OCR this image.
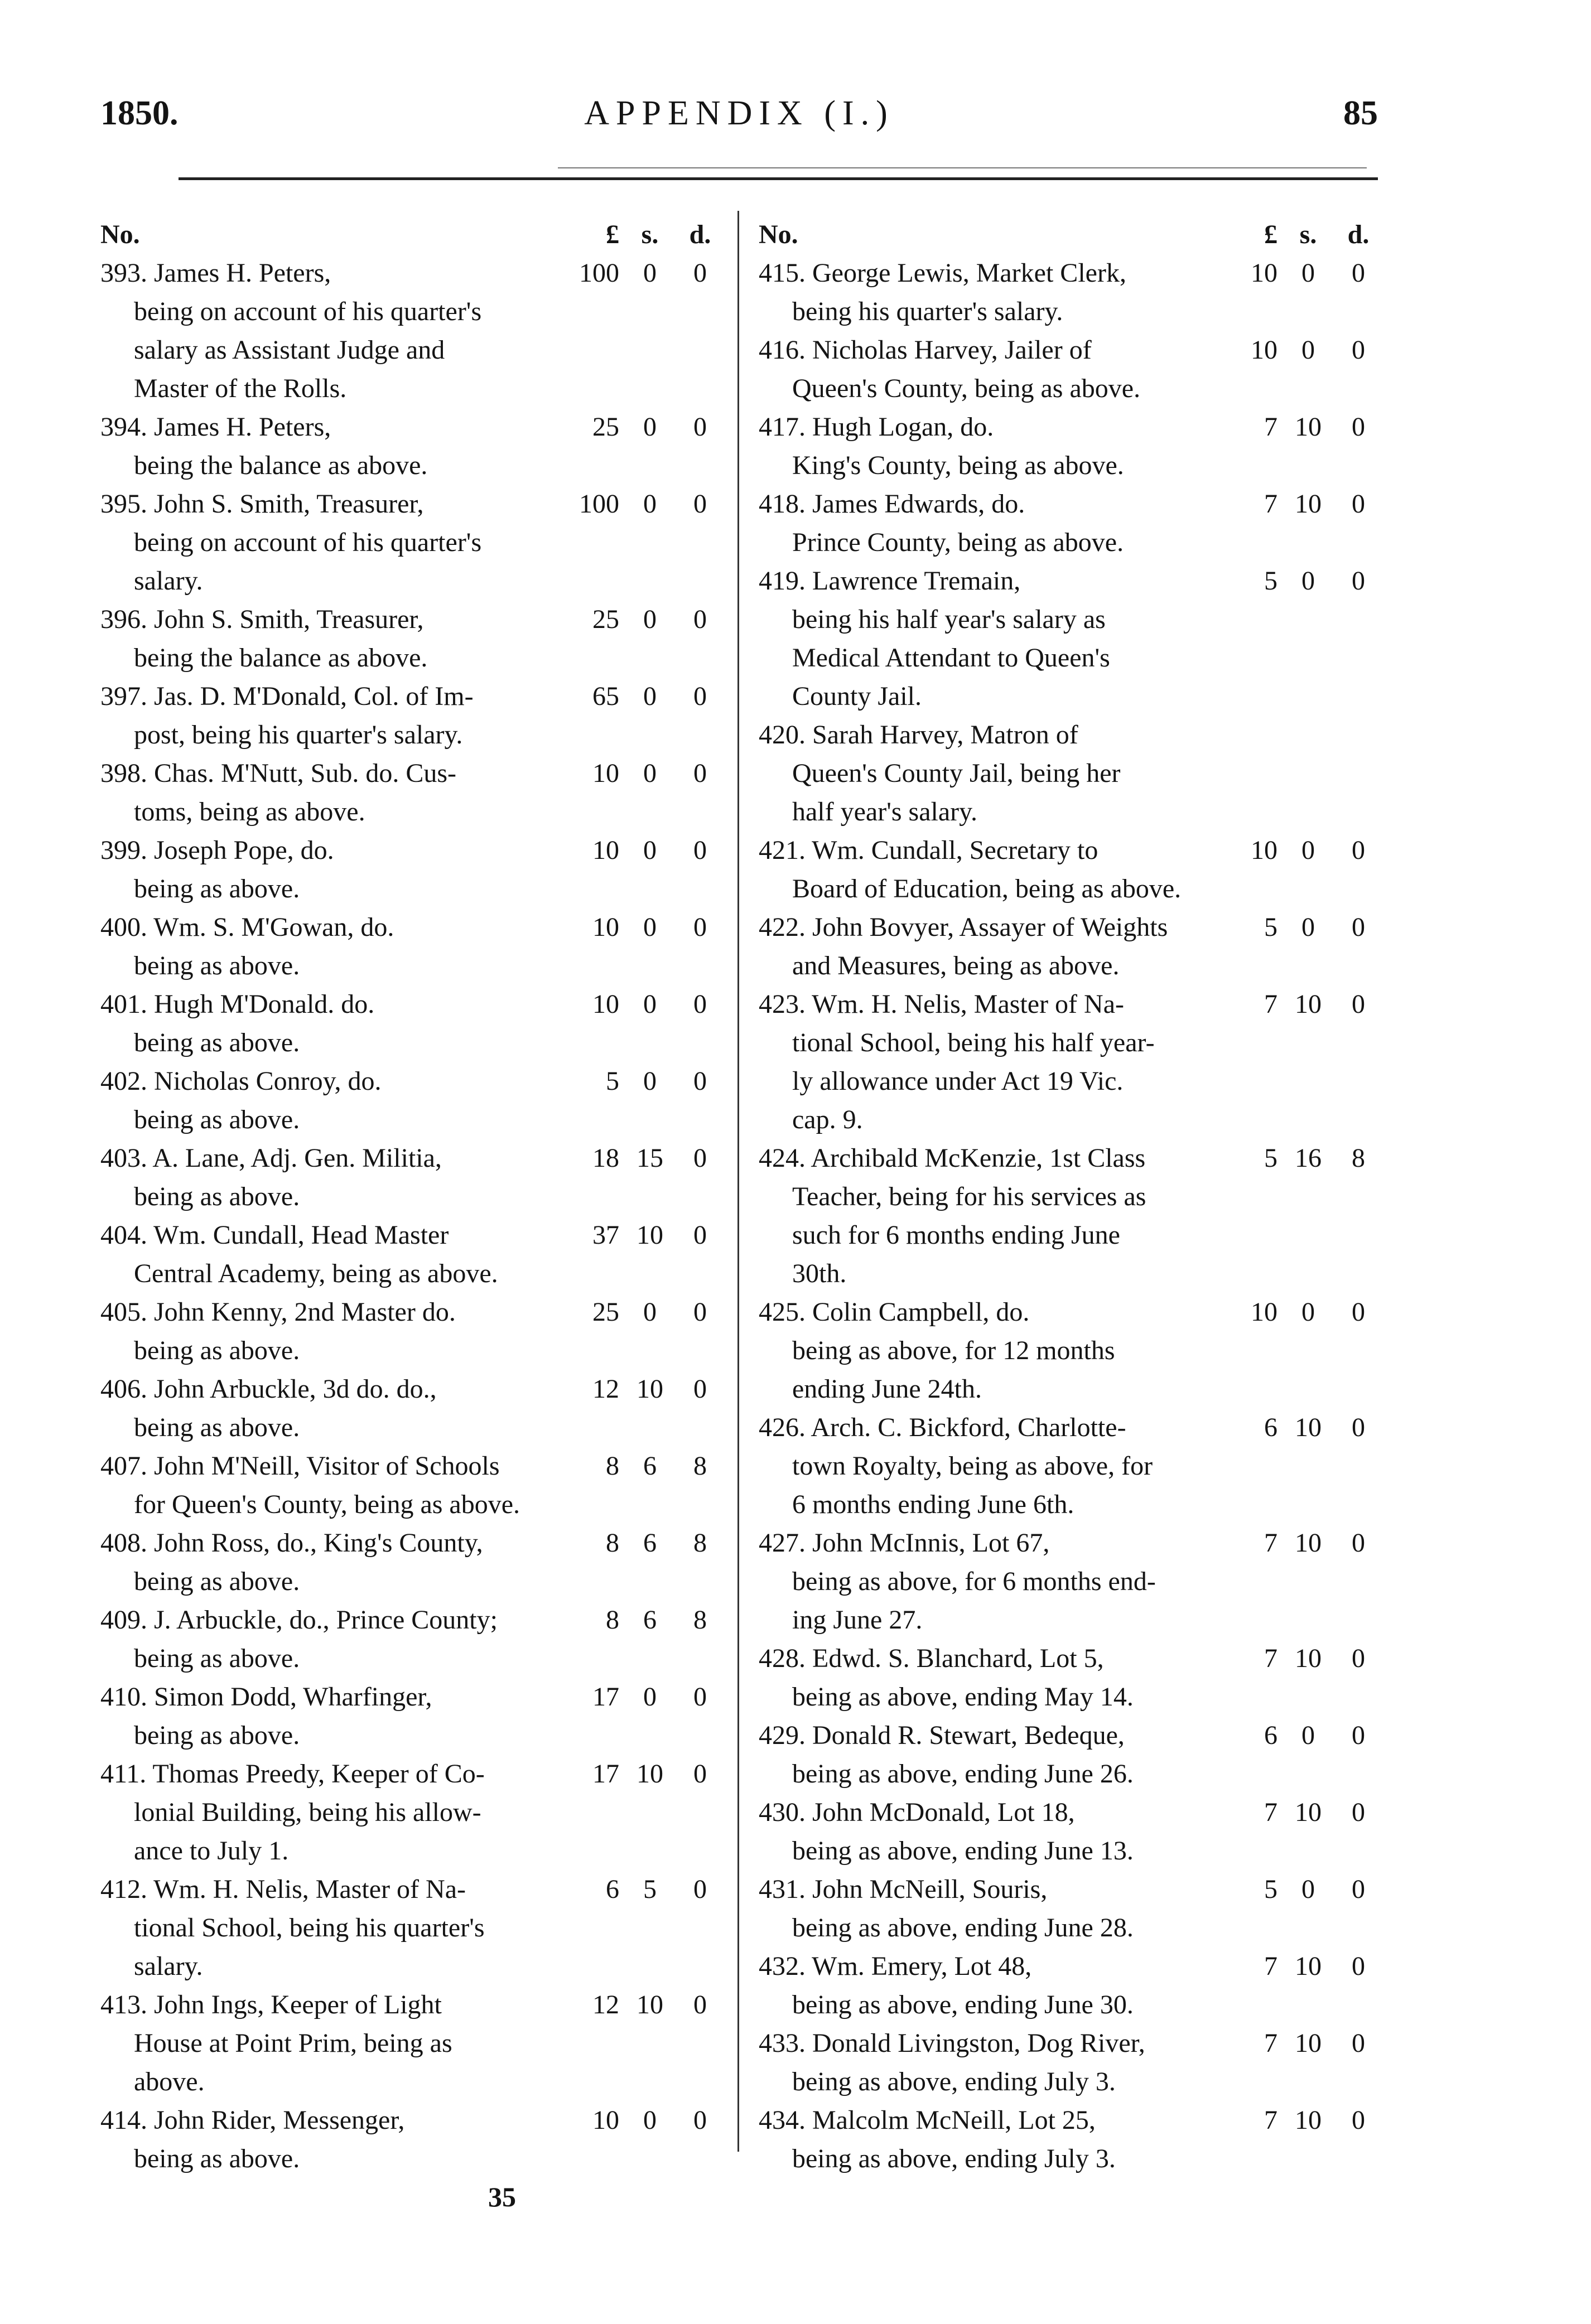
1850.	APPENDIX (I.)	85
No.	£ s.	d.
393. James H. Peters,	100 0	0
being on account of his quarter's
salary as Assistant Judge and
Master of the Rolls.
394. James H. Peters,	25 0	0
being the balance as above.
395. John S. Smith, Treasurer,	100 0	0
being on account of his quarter's
salary.
396. John S. Smith, Treasurer,	25 0	0
being the balance as above.
397. Jas. D. M'Donald, Col. of Im-	65 0	0
post, being his quarter's salary.
398. Chas. M'Nutt, Sub. do. Cus-	10 0	0
toms, being as above.
399. Joseph Pope, do.	10 0	0
being as above.
400. Wm. S. M'Gowan, do.	10 0	0
being as above.
401. Hugh M'Donald. do.	10 0	0
being as above.
402. Nicholas Conroy, do.	5 0	0
being as above.
403. A. Lane, Adj. Gen. Militia,	18 15	0
being as above.
404. Wm. Cundall, Head Master	37 10	0
Central Academy, being as above.
405. John Kenny, 2nd Master do.	25 0	0
being as above.
406. John Arbuckle, 3d do. do.,	12 10	0
being as above.
407. John M'Neill, Visitor of Schools	8 6	8
for Queen's County, being as above.
408. John Ross, do., King's County,	8 6	8
being as above.
409. J. Arbuckle, do., Prince County;	8 6	8
being as above.
410. Simon Dodd, Wharfinger,	17 0	0
being as above.
411. Thomas Preedy, Keeper of Co-	17 10	0
lonial Building, being his allow-
ance to July 1.
412. Wm. H. Nelis, Master of Na-	6 5	0
tional School, being his quarter's
salary.
413. John Ings, Keeper of Light	12 10	0
House at Point Prim, being as
above.
414. John Rider, Messenger,	10 0	0
being as above.
No.	£ s.	d.
415. George Lewis, Market Clerk,	10 0	0
being his quarter's salary.
416. Nicholas Harvey, Jailer of	10 0	0
Queen's County, being as above.
417. Hugh Logan, do.	7 10	0
King's County, being as above.
418. James Edwards, do.	7 10	0
Prince County, being as above.
419. Lawrence Tremain,	5 0	0
being his half year's salary as
Medical Attendant to Queen's
County Jail.
420. Sarah Harvey, Matron of
Queen's County Jail, being her
half year's salary.
421. Wm. Cundall, Secretary to	10 0	0
Board of Education, being as above.
422. John Bovyer, Assayer of Weights	5 0	0
and Measures, being as above.
423. Wm. H. Nelis, Master of Na-	7 10	0
tional School, being his half year-
ly allowance under Act 19 Vic.
cap. 9.
424. Archibald McKenzie, 1st Class	5 16	8
Teacher, being for his services as
such for 6 months ending June
30th.
425. Colin Campbell, do.	10 0	0
being as above, for 12 months
ending June 24th.
426. Arch. C. Bickford, Charlotte-	6 10	0
town Royalty, being as above, for
6 months ending June 6th.
427. John McInnis, Lot 67,	7 10	0
being as above, for 6 months end-
ing June 27.
428. Edwd. S. Blanchard, Lot 5,	7 10	0
being as above, ending May 14.
429. Donald R. Stewart, Bedeque,	6 0	0
being as above, ending June 26.
430. John McDonald, Lot 18,	7 10	0
being as above, ending June 13.
431. John McNeill, Souris,	5 0	0
being as above, ending June 28.
432. Wm. Emery, Lot 48,	7 10	0
being as above, ending June 30.
433. Donald Livingston, Dog River,	7 10	0
being as above, ending July 3.
434. Malcolm McNeill, Lot 25,	7 10	0
being as above, ending July 3.
35
